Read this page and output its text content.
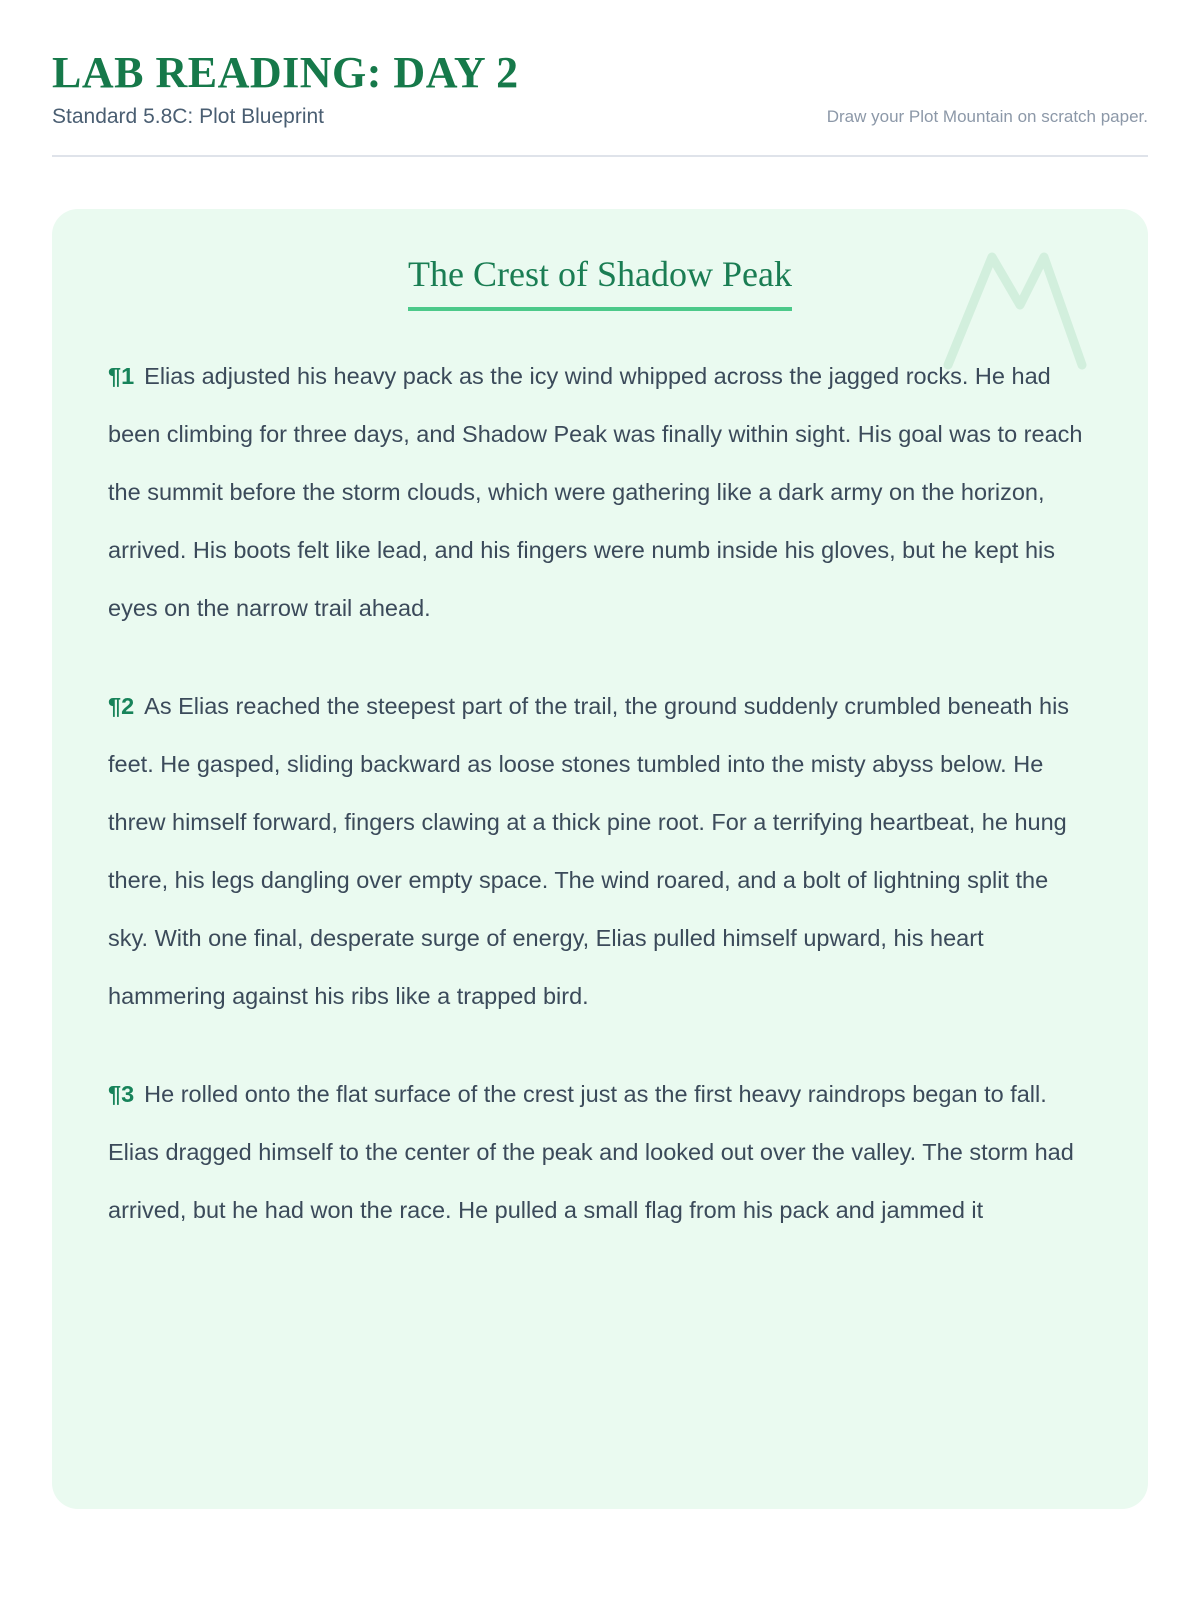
LAB READING: DAY 2

Standard 5.8C: Plot Blueprint	Draw your Plot Mountain on scratch paper.
The Crest of Shadow Peak

¶1 Elias adjusted his heavy pack as the icy wind whipped across the jagged rocks. He had been climbing for three days, and Shadow Peak was finally within sight. His goal was to reach the summit before the storm clouds, which were gathering like a dark army on the horizon, arrived. His boots felt like lead, and his fingers were numb inside his gloves, but he kept his eyes on the narrow trail ahead.

¶2 As Elias reached the steepest part of the trail, the ground suddenly crumbled beneath his feet. He gasped, sliding backward as loose stones tumbled into the misty abyss below. He threw himself forward, fingers clawing at a thick pine root. For a terrifying heartbeat, he hung there, his legs dangling over empty space. The wind roared, and a bolt of lightning split the sky. With one final, desperate surge of energy, Elias pulled himself upward, his heart hammering against his ribs like a trapped bird.

¶3 He rolled onto the flat surface of the crest just as the first heavy raindrops began to fall. Elias dragged himself to the center of the peak and looked out over the valley. The storm had arrived, but he had won the race. He pulled a small flag from his pack and jammed it
